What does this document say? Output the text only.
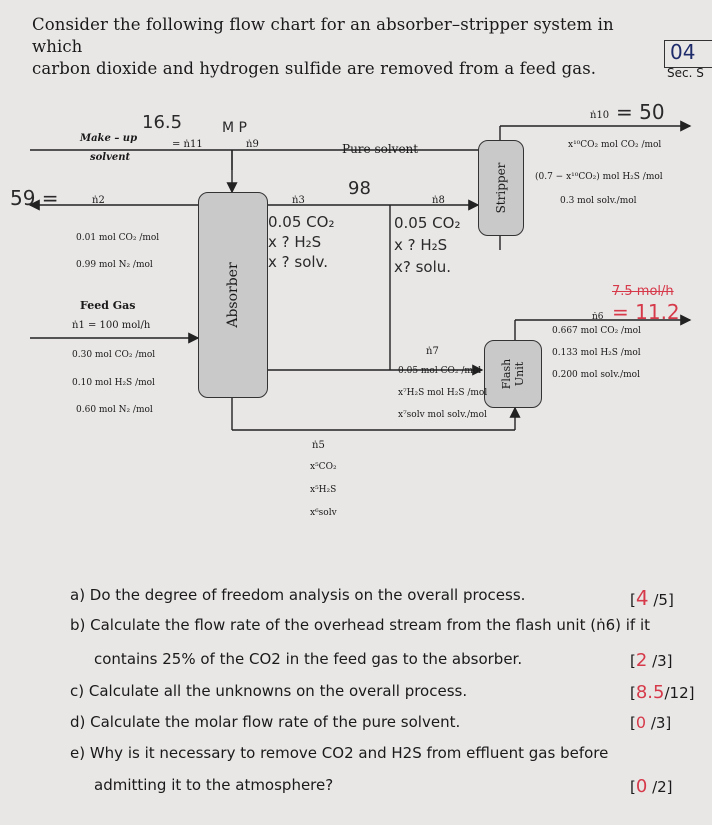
Consider the following flow chart for an absorber–stripper system in which
carbon dioxide and hydrogen sulfide are removed from a feed gas.
04
Sec. S
Absorber
Stripper
Flash Unit
Make – up
solvent
= ṅ11	ṅ9	Pure solvent
ṅ10
x¹⁰CO₂ mol CO₂ /mol
(0.7 − x¹⁰CO₂) mol H₂S /mol
0.3 mol solv./mol
ṅ2
0.01 mol CO₂ /mol
0.99 mol N₂ /mol
ṅ3	ṅ8
Feed Gas
ṅ1 = 100 mol/h
0.30 mol CO₂ /mol
0.10 mol H₂S /mol
0.60 mol N₂ /mol
ṅ6
0.667 mol CO₂ /mol
0.133 mol H₂S /mol
0.200 mol solv./mol
ṅ7
0.05 mol CO₂ /mol
x⁷H₂S mol H₂S /mol
x⁷solv mol solv./mol
ṅ5
x⁵CO₂
x⁵H₂S
x⁶solv
16.5	M P
= 50
59 =	98
0.05 CO₂
x ? H₂S
x ? solv.
0.05 CO₂
x ? H₂S
x? solu.
7.5 mol/h
= 11.2
a) Do the degree of freedom analysis on the overall process.	[4 /5]
b) Calculate the flow rate of the overhead stream from the flash unit (ṅ6) if it
contains 25% of the CO2 in the feed gas to the absorber.	[2 /3]
c) Calculate all the unknowns on the overall process.	[8.5/12]
d) Calculate the molar flow rate of the pure solvent.	[0 /3]
e) Why is it necessary to remove CO2 and H2S from effluent gas before
admitting it to the atmosphere?	[0 /2]
